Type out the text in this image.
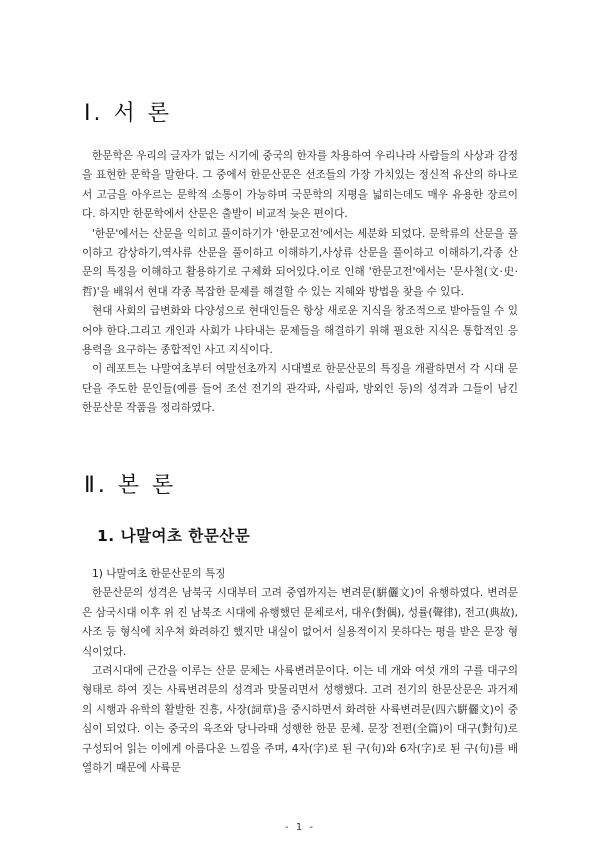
Ⅰ. 서 론

한문학은 우리의 글자가 없는 시기에 중국의 한자를 차용하여 우리나라 사람들의 사상과 감정을 표현한 문학을 말한다. 그 중에서 한문산문은 선조들의 가장 가치있는 정신적 유산의 하나로서 고금을 아우르는 문학적 소통이 가능하며 국문학의 지평을 넓히는데도 매우 유용한 장르이다. 하지만 한문학에서 산문은 출발이 비교적 늦은 편이다.

'한문'에서는 산문을 익히고 풀이하기가 '한문고전'에서는 세분화 되었다. 문학류의 산문을 풀이하고 감상하기,역사류 산문을 풀이하고 이해하기,사상류 산문을 풀이하고 이해하기,각종 산문의 특징을 이해하고 활용하기로 구체화 되어있다.이로 인해 '한문고전'에서는 '문사철(文·史·哲)'을 배워서 현대 각종 복잡한 문제를 해결할 수 있는 지혜와 방법을 찾을 수 있다.

현대 사회의 급변화와 다양성으로 현대인들은 항상 새로운 지식을 창조적으로 받아들일 수 있어야 한다.그리고 개인과 사회가 나타내는 문제들을 해결하기 위해 필요한 지식은 통합적인 응용력을 요구하는 종합적인 사고 지식이다.

이 레포트는 나말여초부터 여말선초까지 시대별로 한문산문의 특징을 개괄하면서 각 시대 문단을 주도한 문인들(예를 들어 조선 전기의 관각파, 사림파, 방외인 등)의 성격과 그들이 남긴 한문산문 작품을 정리하였다.

Ⅱ. 본 론
1. 나말여초 한문산문

1) 나말여초 한문산문의 특징

한문산문의 성격은 남북국 시대부터 고려 중엽까지는 변려문(騈儷文)이 유행하였다. 변려문은 삼국시대 이후 위 진 남북조 시대에 유행했던 문체로서, 대우(對偶), 성률(聲律), 전고(典故), 사조 등 형식에 치우쳐 화려하긴 했지만 내실이 없어서 실용적이지 못하다는 평을 받은 문장 형식이었다.

고려시대에 근간을 이루는 산문 문체는 사륙변려문이다. 이는 네 개와 여섯 개의 구를 대구의 형태로 하여 짓는 사륙변려문의 성격과 맞물리면서 성행했다. 고려 전기의 한문산문은 과거제의 시행과 유학의 활발한 진흥, 사장(詞章)을 중시하면서 화려한 사륙변려문(四六騈儷文)이 중심이 되었다. 이는 중국의 육조와 당나라때 성행한 한문 문체. 문장 전편(全篇)이 대구(對句)로 구성되어 읽는 이에게 아름다운 느낌을 주며, 4자(字)로 된 구(句)와 6자(字)로 된 구(句)를 배열하기 때문에 사륙문

- 1 -
